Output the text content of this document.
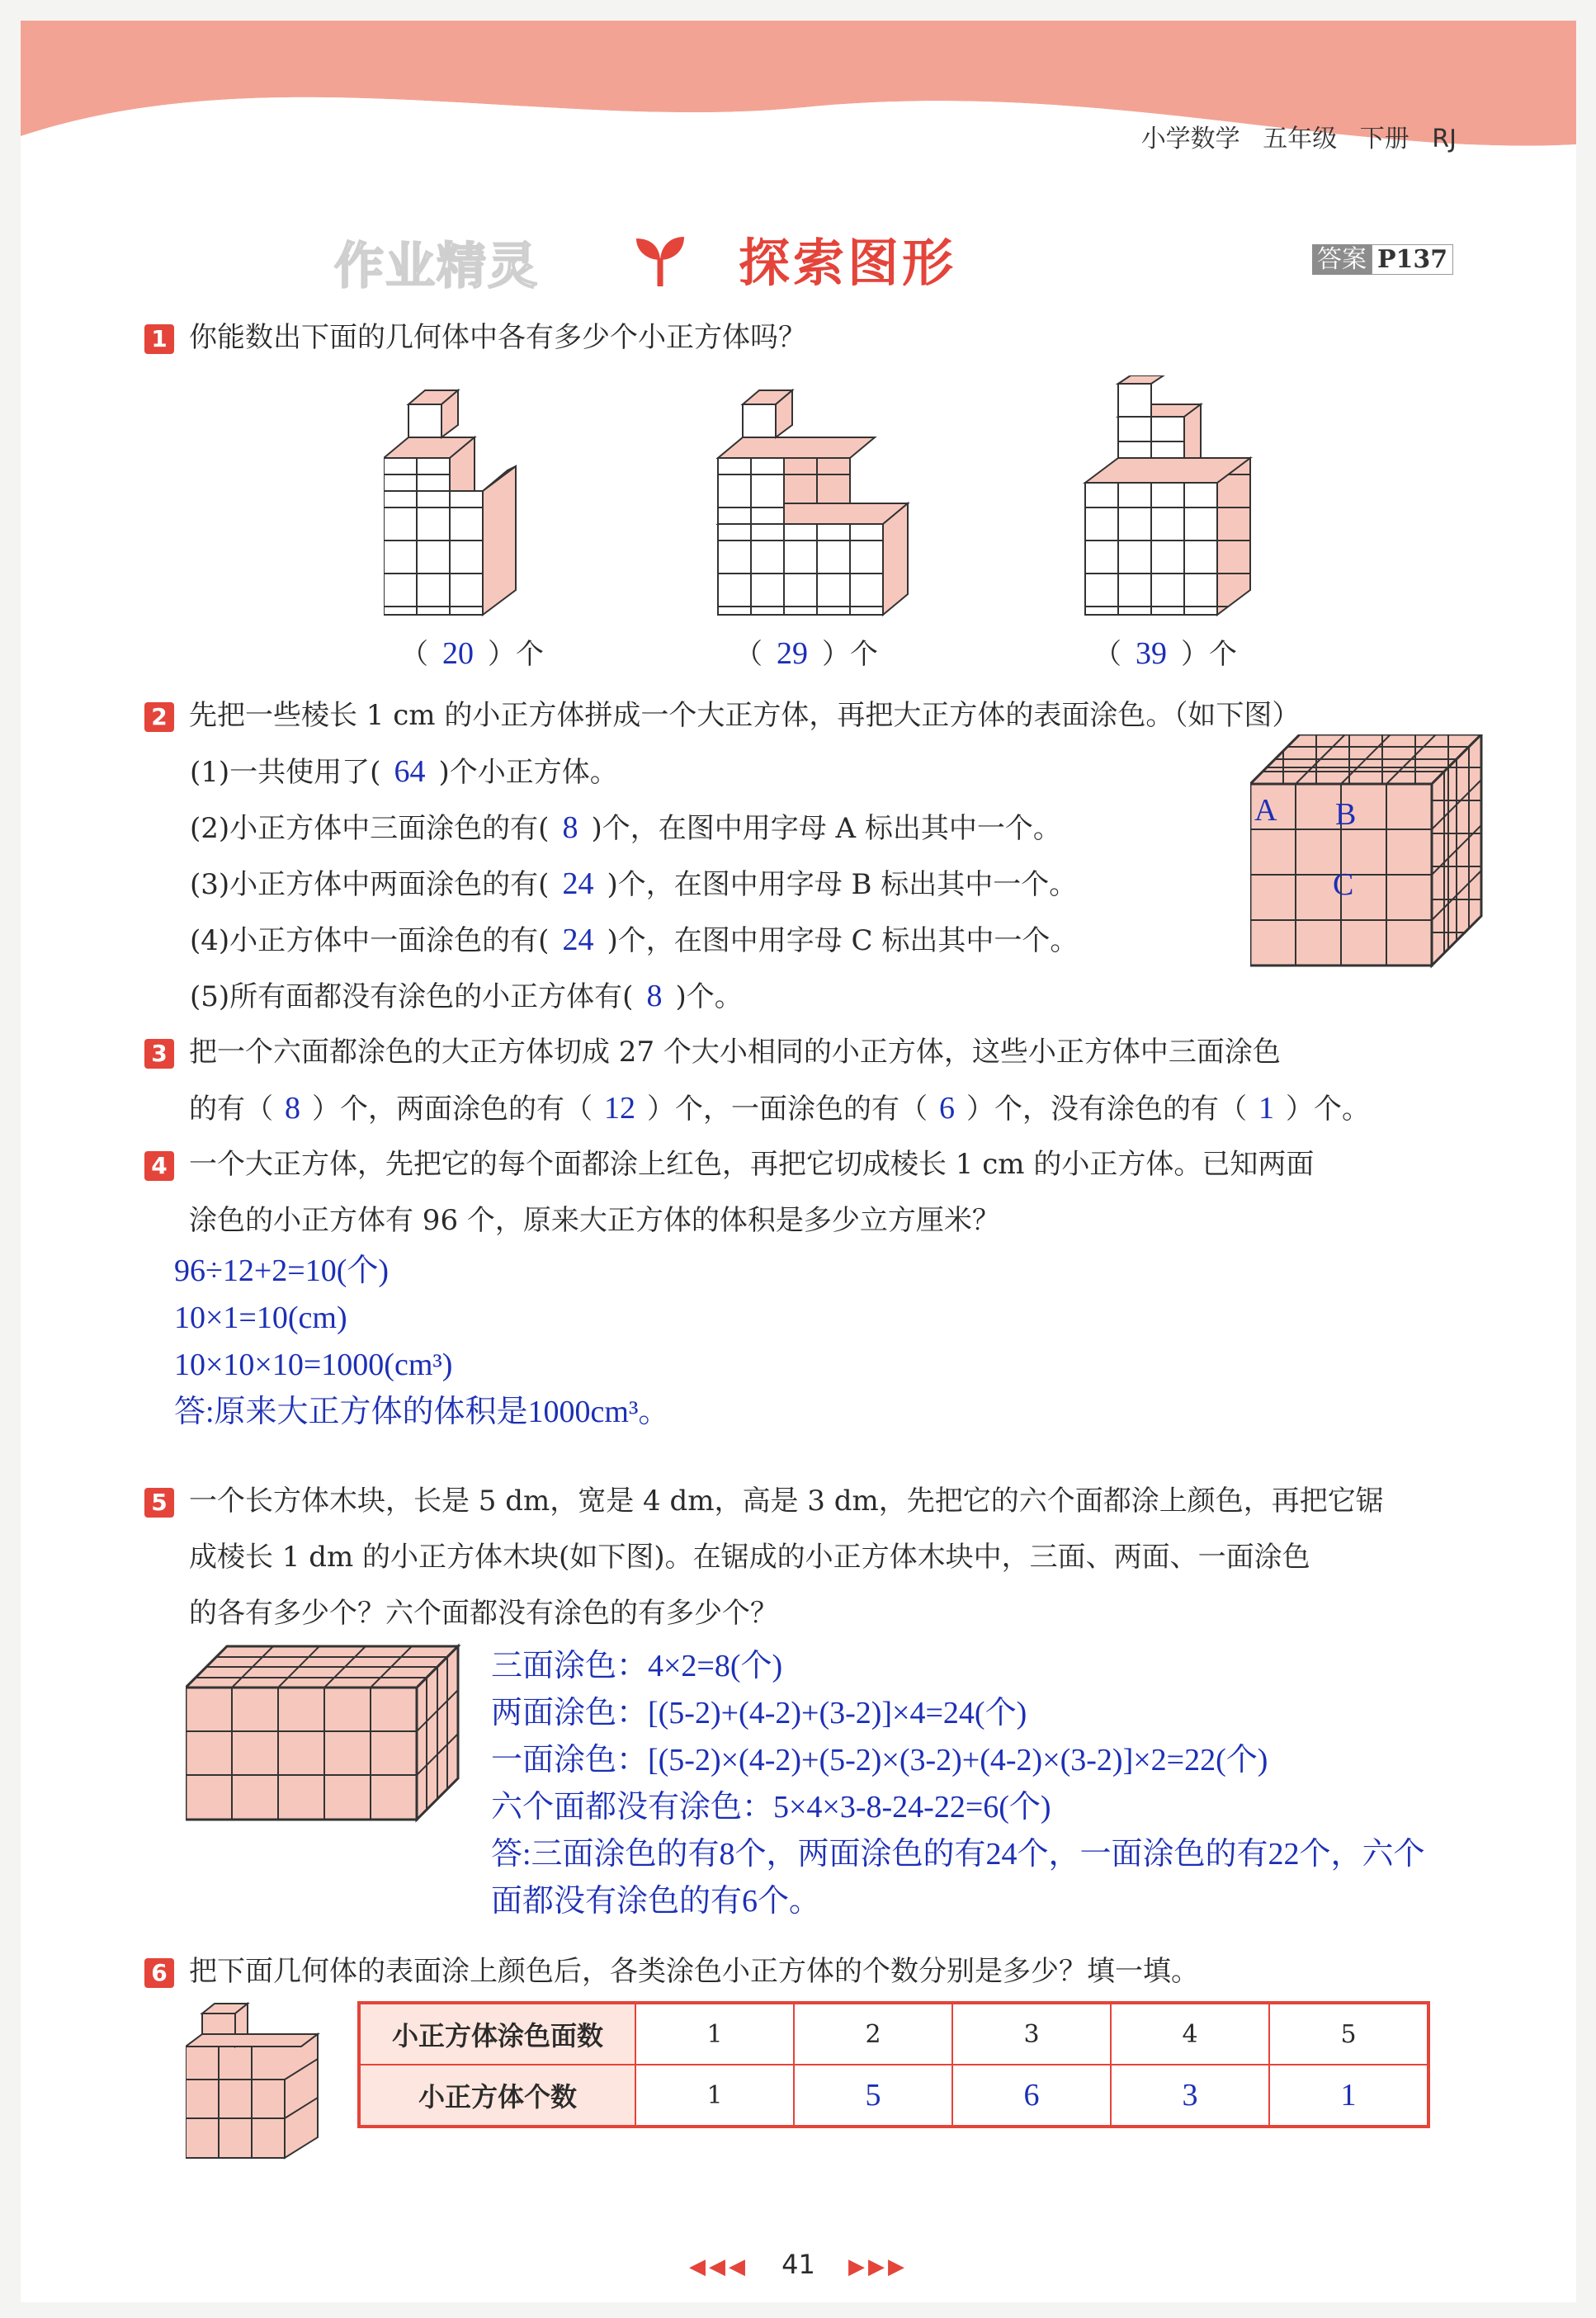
小学数学 五年级 下册 RJ
作业精灵	探索图形	答案 P137
1 你能数出下面的几何体中各有多少个小正方体吗？
（ 20 ）个	（ 29 ）个	（ 39 ）个
2 先把一些棱长 1 cm 的小正方体拼成一个大正方体，再把大正方体的表面涂色。（如下图）
(1)一共使用了( 64 )个小正方体。
(2)小正方体中三面涂色的有( 8 )个，在图中用字母 A 标出其中一个。
(3)小正方体中两面涂色的有( 24 )个，在图中用字母 B 标出其中一个。
(4)小正方体中一面涂色的有( 24 )个，在图中用字母 C 标出其中一个。
(5)所有面都没有涂色的小正方体有( 8 )个。
A B
C
3 把一个六面都涂色的大正方体切成 27 个大小相同的小正方体，这些小正方体中三面涂色
的有（ 8 ）个，两面涂色的有（ 12 ）个，一面涂色的有（ 6 ）个，没有涂色的有（ 1 ）个。
4 一个大正方体，先把它的每个面都涂上红色，再把它切成棱长 1 cm 的小正方体。已知两面
涂色的小正方体有 96 个，原来大正方体的体积是多少立方厘米？
96÷12+2=10(个)
10×1=10(cm)
10×10×10=1000(cm³)
答:原来大正方体的体积是1000cm³。
5 一个长方体木块，长是 5 dm，宽是 4 dm，高是 3 dm，先把它的六个面都涂上颜色，再把它锯
成棱长 1 dm 的小正方体木块(如下图)。在锯成的小正方体木块中，三面、两面、一面涂色
的各有多少个？六个面都没有涂色的有多少个？
三面涂色：4×2=8(个)
两面涂色：[(5-2)+(4-2)+(3-2)]×4=24(个)
一面涂色：[(5-2)×(4-2)+(5-2)×(3-2)+(4-2)×(3-2)]×2=22(个)
六个面都没有涂色：5×4×3-8-24-22=6(个)
答:三面涂色的有8个，两面涂色的有24个，一面涂色的有22个，六个
面都没有涂色的有6个。
6 把下面几何体的表面涂上颜色后，各类涂色小正方体的个数分别是多少？填一填。
小正方体涂色面数	1	2	3	4	5
小正方体个数	1	5	6	3	1
◀◀◀ 41 ▶▶▶
